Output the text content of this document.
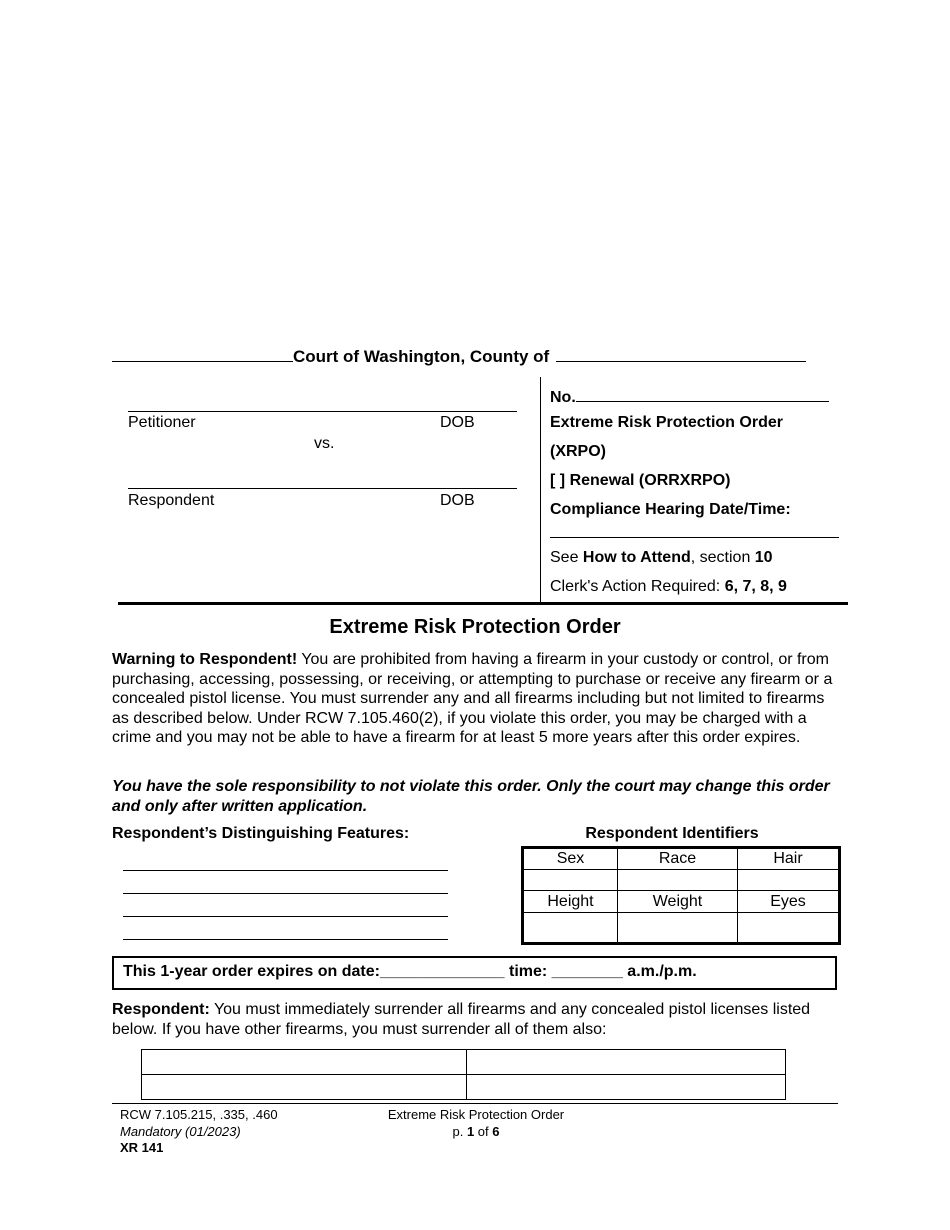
Court of Washington, County of
Petitioner	DOB
vs.
Respondent	DOB
No.
Extreme Risk Protection Order
(XRPO)
[ ] Renewal (ORRXRPO)
Compliance Hearing Date/Time:
See How to Attend, section 10
Clerk's Action Required: 6, 7, 8, 9
Extreme Risk Protection Order
Warning to Respondent! You are prohibited from having a firearm in your custody or control, or from purchasing, accessing, possessing, or receiving, or attempting to purchase or receive any firearm or a concealed pistol license. You must surrender any and all firearms including but not limited to firearms as described below. Under RCW 7.105.460(2), if you violate this order, you may be charged with a crime and you may not be able to have a firearm for at least 5 more years after this order expires.
You have the sole responsibility to not violate this order. Only the court may change this order and only after written application.
Respondent’s Distinguishing Features:	Respondent Identifiers
Sex	Race	Hair

Height	Weight	Eyes

This 1-year order expires on date:______________ time: ________ a.m./p.m.
Respondent: You must immediately surrender all firearms and any concealed pistol licenses listed below. If you have other firearms, you must surrender all of them also:

RCW 7.105.215, .335, .460
Mandatory (01/2023)
XR 141
Extreme Risk Protection Order
p. 1 of 6
